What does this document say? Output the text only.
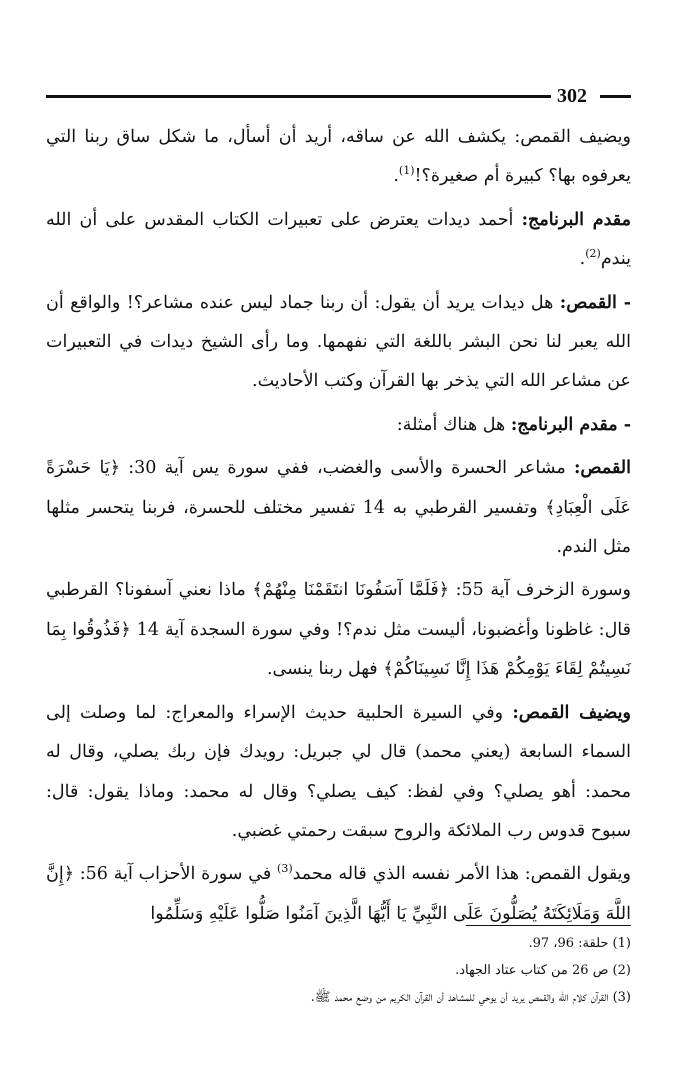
302

ويضيف القمص: يكشف الله عن ساقه، أريد أن أسأل، ما شكل ساق ربنا التي يعرفوه بها؟ كبيرة أم صغيرة؟!$^{(1)}$.

مقدم البرنامج: أحمد ديدات يعترض على تعبيرات الكتاب المقدس على أن الله يندم$^{(2)}$.

- القمص: هل ديدات يريد أن يقول: أن ربنا جماد ليس عنده مشاعر؟! والواقع أن الله يعبر لنا نحن البشر باللغة التي نفهمها. وما رأى الشيخ ديدات في التعبيرات عن مشاعر الله التي يذخر بها القرآن وكتب الأحاديث.

- مقدم البرنامج: هل هناك أمثلة:

القمص: مشاعر الحسرة والأسى والغضب، ففي سورة يس آية 30: ﴿يَا حَسْرَةً عَلَى الْعِبَادِ﴾ وتفسير القرطبي به 14 تفسير مختلف للحسرة، فربنا يتحسر مثلها مثل الندم.

وسورة الزخرف آية 55: ﴿فَلَمَّا آسَفُونَا انتَقَمْنَا مِنْهُمْ﴾ ماذا نعني آسفونا؟ القرطبي قال: غاظونا وأغضبونا، أليست مثل ندم؟! وفي سورة السجدة آية 14 ﴿فَذُوقُوا بِمَا نَسِيتُمْ لِقَاءَ يَوْمِكُمْ هَذَا إِنَّا نَسِينَاكُمْ﴾ فهل ربنا ينسى.

ويضيف القمص: وفي السيرة الحلبية حديث الإسراء والمعراج: لما وصلت إلى السماء السابعة (يعني محمد) قال لي جبريل: رويدك فإن ربك يصلي، وقال له محمد: أهو يصلي؟ وفي لفظ: كيف يصلي؟ وقال له محمد: وماذا يقول: قال: سبوح قدوس رب الملائكة والروح سبقت رحمتي غضبي.

ويقول القمص: هذا الأمر نفسه الذي قاله محمد$^{(3)}$ في سورة الأحزاب آية 56: ﴿إِنَّ اللَّهَ وَمَلَائِكَتَهُ يُصَلُّونَ عَلَى النَّبِيِّ يَا أَيُّهَا الَّذِينَ آمَنُوا صَلُّوا عَلَيْهِ وَسَلِّمُوا

(1) حلقة: 96، 97.

(2) ص 26 من كتاب عتاد الجهاد.

(3) القرآن كلام الله والقمص يريد أن يوحي للمشاهد أن القرآن الكريم من وضع محمد ﷺ.
